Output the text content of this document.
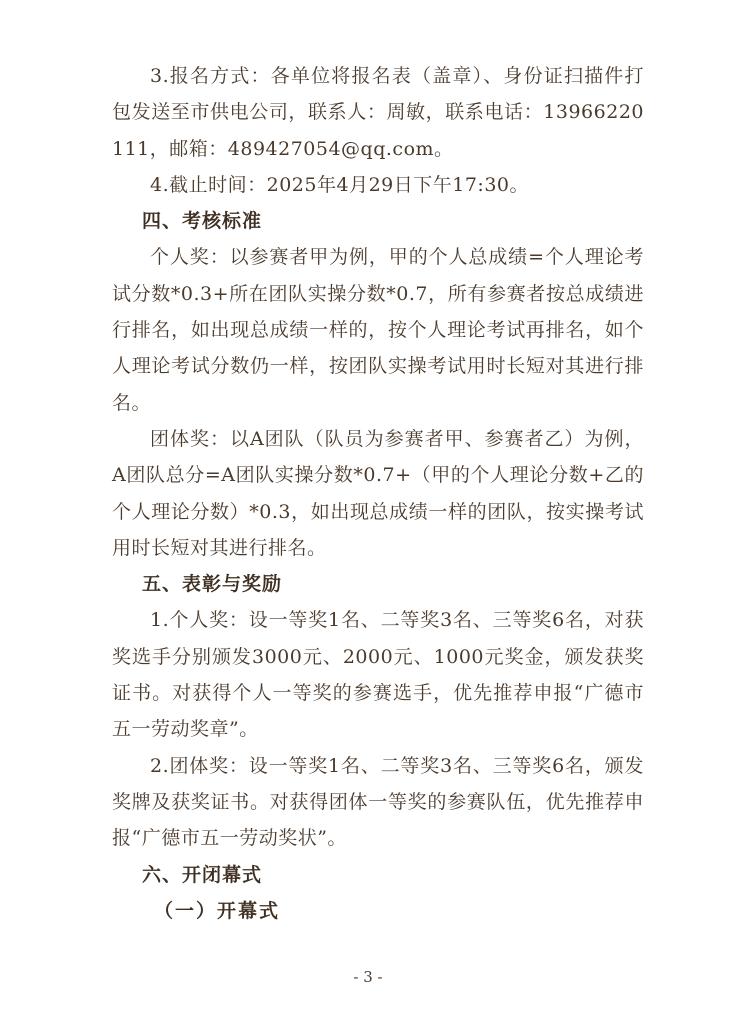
3.报名方式：各单位将报名表（盖章）、身份证扫描件打包发送至市供电公司，联系人：周敏，联系电话：13966220111，邮箱：489427054@qq.com。

4.截止时间：2025年4月29日下午17:30。

四、考核标准

个人奖：以参赛者甲为例，甲的个人总成绩=个人理论考试分数*0.3+所在团队实操分数*0.7，所有参赛者按总成绩进行排名，如出现总成绩一样的，按个人理论考试再排名，如个人理论考试分数仍一样，按团队实操考试用时长短对其进行排名。

团体奖：以A团队（队员为参赛者甲、参赛者乙）为例，A团队总分=A团队实操分数*0.7+（甲的个人理论分数+乙的个人理论分数）*0.3，如出现总成绩一样的团队，按实操考试用时长短对其进行排名。

五、表彰与奖励

1.个人奖：设一等奖1名、二等奖3名、三等奖6名，对获奖选手分别颁发3000元、2000元、1000元奖金，颁发获奖证书。对获得个人一等奖的参赛选手，优先推荐申报“广德市五一劳动奖章”。

2.团体奖：设一等奖1名、二等奖3名、三等奖6名，颁发奖牌及获奖证书。对获得团体一等奖的参赛队伍，优先推荐申报“广德市五一劳动奖状”。

六、开闭幕式

（一）开幕式

- 3 -
